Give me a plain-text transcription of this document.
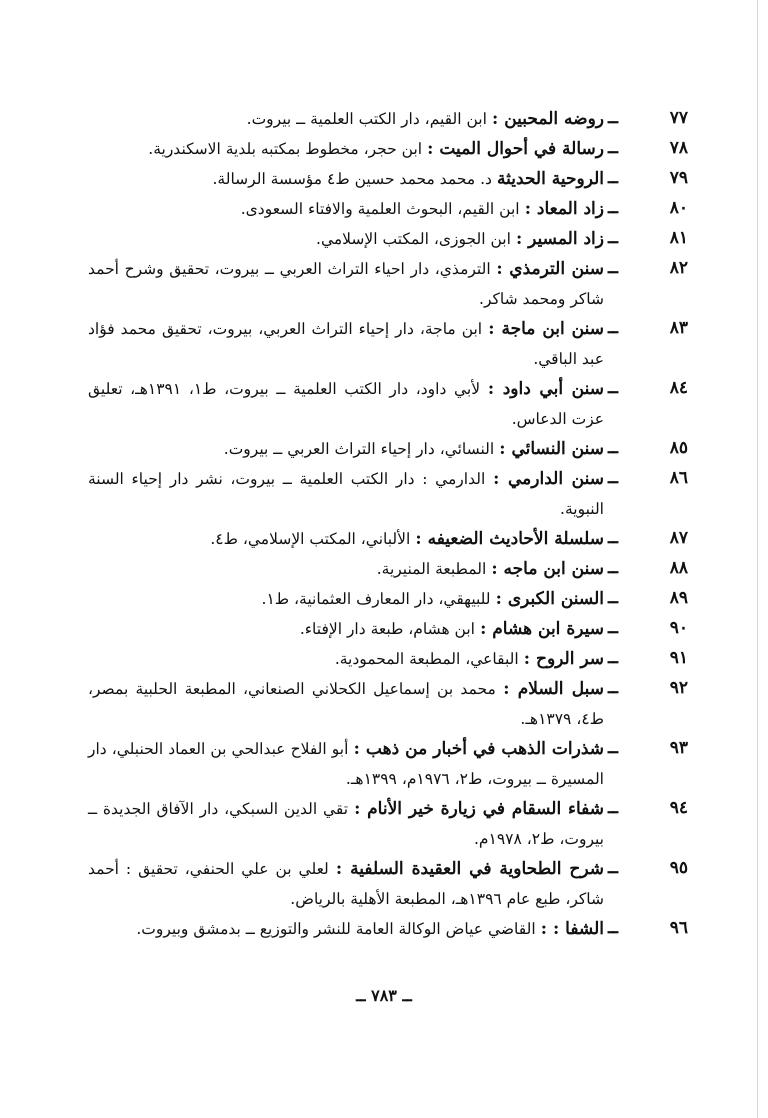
٧٧
ــ
روضه المحبين : ابن القيم، دار الكتب العلمية ــ بيروت.
٧٨
ــ
رسالة في أحوال الميت : ابن حجر، مخطوط بمكتبه بلدية الاسكندرية.
٧٩
ــ
الروحية الحديثة د. محمد محمد حسين ط٤ مؤسسة الرسالة.
٨٠
ــ
زاد المعاد : ابن القيم، البحوث العلمية والافتاء السعودى.
٨١
ــ
زاد المسير : ابن الجوزى، المكتب الإسلامي.
٨٢
ــ
سنن الترمذي : الترمذي، دار احياء التراث العربي ــ بيروت، تحقيق وشرح أحمد شاكر ومحمد شاكر.
٨٣
ــ
سنن ابن ماجة : ابن ماجة، دار إحياء التراث العربي، بيروت، تحقيق محمد فؤاد عبد الباقي.
٨٤
ــ
سنن أبي داود : لأبي داود، دار الكتب العلمية ــ بيروت، ط١، ١٣٩١هـ، تعليق عزت الدعاس.
٨٥
ــ
سنن النسائي : النسائي، دار إحياء التراث العربي ــ بيروت.
٨٦
ــ
سنن الدارمي : الدارمي : دار الكتب العلمية ــ بيروت، نشر دار إحياء السنة النبوية.
٨٧
ــ
سلسلة الأحاديث الضعيفه : الألباني، المكتب الإسلامي، ط٤.
٨٨
ــ
سنن ابن ماجه : المطبعة المنيرية.
٨٩
ــ
السنن الكبرى : للبيهقي، دار المعارف العثمانية، ط١.
٩٠
ــ
سيرة ابن هشام : ابن هشام، طبعة دار الإفتاء.
٩١
ــ
سر الروح : البقاعي، المطبعة المحمودية.
٩٢
ــ
سبل السلام : محمد بن إسماعيل الكحلاني الصنعاني، المطبعة الحلبية بمصر، ط٤، ١٣٧٩هـ.
٩٣
ــ
شذرات الذهب في أخبار من ذهب : أبو الفلاح عبدالحي بن العماد الحنبلي، دار المسيرة ــ بيروت، ط٢، ١٩٧٦م، ١٣٩٩هـ.
٩٤
ــ
شفاء السقام في زيارة خير الأنام : تقي الدين السبكي، دار الآفاق الجديدة ــ بيروت، ط٢، ١٩٧٨م.
٩٥
ــ
شرح الطحاوية في العقيدة السلفية : لعلي بن علي الحنفي، تحقيق : أحمد شاكر، طبع عام ١٣٩٦هـ، المطبعة الأهلية بالرياض.
٩٦
ــ
الشفا : : القاضي عياض الوكالة العامة للنشر والتوزيع ــ بدمشق وبيروت.
ــ ٧٨٣ ــ
